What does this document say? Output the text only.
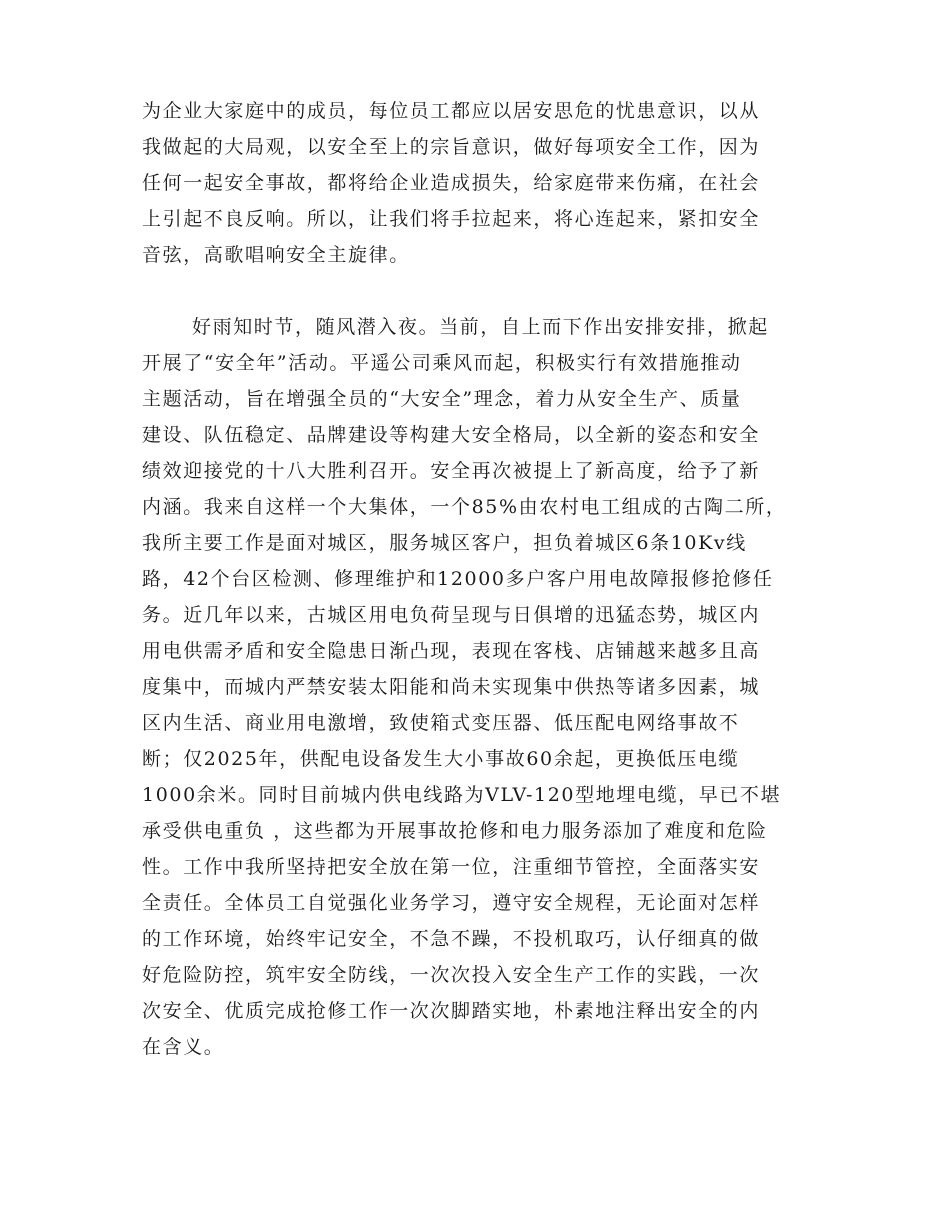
为企业大家庭中的成员，每位员工都应以居安思危的忧患意识，以从
我做起的大局观，以安全至上的宗旨意识，做好每项安全工作，因为
任何一起安全事故，都将给企业造成损失，给家庭带来伤痛，在社会
上引起不良反响。所以，让我们将手拉起来，将心连起来，紧扣安全
音弦，高歌唱响安全主旋律。
好雨知时节，随风潜入夜。当前，自上而下作出安排安排，掀起
开展了“安全年”活动。平遥公司乘风而起，积极实行有效措施推动
主题活动，旨在增强全员的“大安全”理念，着力从安全生产、质量
建设、队伍稳定、品牌建设等构建大安全格局，以全新的姿态和安全
绩效迎接党的十八大胜利召开。安全再次被提上了新高度，给予了新
内涵。我来自这样一个大集体，一个85%由农村电工组成的古陶二所，
我所主要工作是面对城区，服务城区客户，担负着城区6条10Kv线
路，42个台区检测、修理维护和12000多户客户用电故障报修抢修任
务。近几年以来，古城区用电负荷呈现与日俱增的迅猛态势，城区内
用电供需矛盾和安全隐患日渐凸现，表现在客栈、店铺越来越多且高
度集中，而城内严禁安装太阳能和尚未实现集中供热等诸多因素，城
区内生活、商业用电激增，致使箱式变压器、低压配电网络事故不
断；仅2025年，供配电设备发生大小事故60余起，更换低压电缆
1000余米。同时目前城内供电线路为VLV-120型地埋电缆，早已不堪
承受供电重负 ，这些都为开展事故抢修和电力服务添加了难度和危险
性。工作中我所坚持把安全放在第一位，注重细节管控，全面落实安
全责任。全体员工自觉强化业务学习，遵守安全规程，无论面对怎样
的工作环境，始终牢记安全，不急不躁，不投机取巧，认仔细真的做
好危险防控，筑牢安全防线，一次次投入安全生产工作的实践，一次
次安全、优质完成抢修工作一次次脚踏实地，朴素地注释出安全的内
在含义。
